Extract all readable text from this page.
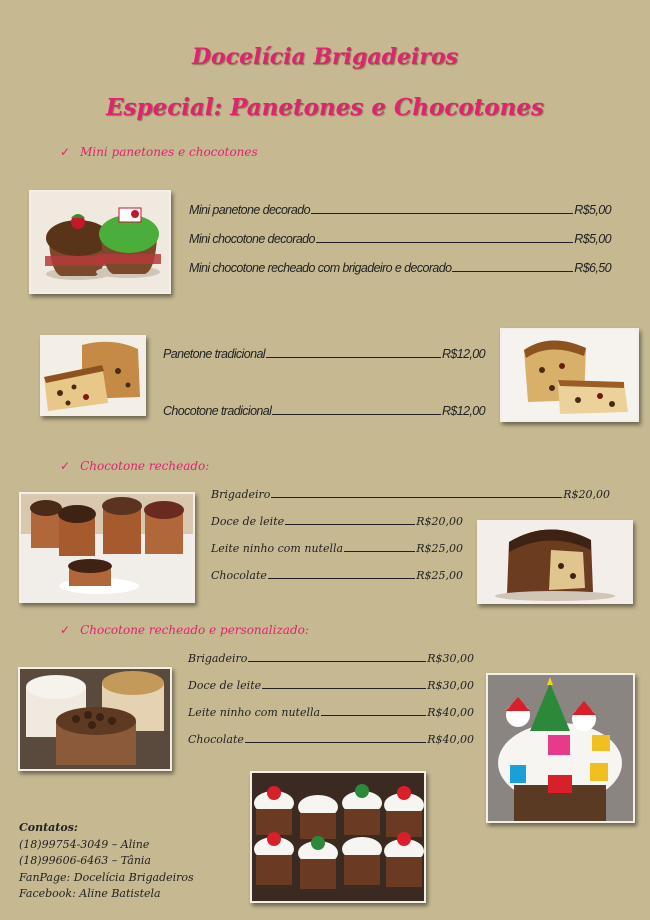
Docelícia Brigadeiros
Especial: Panetones e Chocotones
✓ Mini panetones e chocotones
Mini panetone decorado	R$5,00
Mini chocotone decorado	R$5,00
Mini chocotone recheado com brigadeiro e decorado	R$6,50
Panetone tradicional	R$12,00
Chocotone tradicional	R$12,00
✓ Chocotone recheado:
Brigadeiro	R$20,00
Doce de leite	R$20,00
Leite ninho com nutella	R$25,00
Chocolate	R$25,00
✓ Chocotone recheado e personalizado:
Brigadeiro	R$30,00
Doce de leite	R$30,00
Leite ninho com nutella	R$40,00
Chocolate	R$40,00
Contatos:
(18)99754-3049 – Aline
(18)99606-6463 – Tânia
FanPage: Docelícia Brigadeiros
Facebook: Aline Batistela
